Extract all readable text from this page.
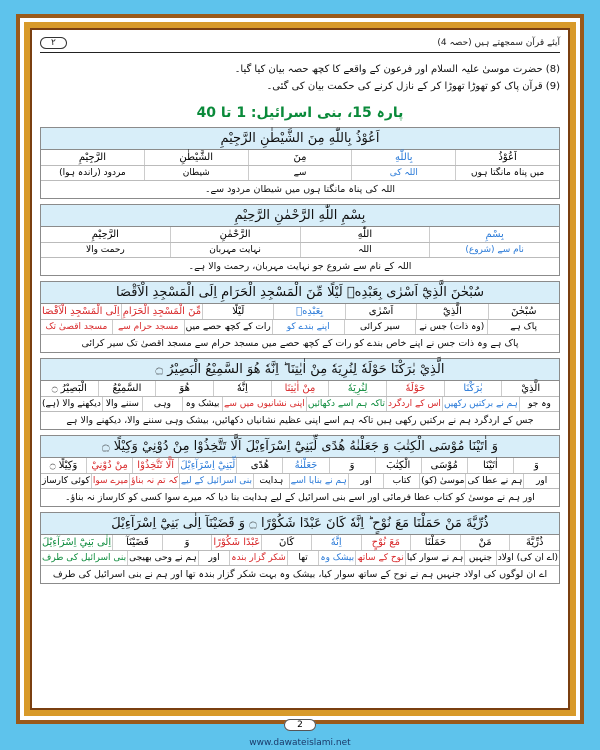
آیئے قرآن سمجھتے ہیں (حصہ 4)
۲

(8) حضرت موسیٰ علیہ السلام اور فرعون کے واقعے کا کچھ حصہ بیان کیا گیا۔

(9) قرآن پاک کو تھوڑا تھوڑا کر کے نازل کرنے کی حکمت بیان کی گئی۔

پارہ 15، بنی اسرائیل: 1 تا 40
اَعُوْذُ بِاللّٰهِ مِنَ الشَّيْطٰنِ الرَّجِيْمِ
اَعُوْذُ
بِاللّٰهِ
مِنَ
الشَّيْطٰنِ
الرَّجِيْمِ
میں پناہ مانگتا ہوں
اللہ کی
سے
شیطان
مردود (راندہ ہوا)
اللہ کی پناہ مانگتا ہوں میں شیطان مردود سے۔
بِسْمِ اللّٰهِ الرَّحْمٰنِ الرَّحِيْمِ
بِسْمِ
اللّٰهِ
الرَّحْمٰنِ
الرَّحِيْمِ
نام سے (شروع)
اللہ
نہایت مہربان
رحمت والا
اللہ کے نام سے شروع جو نہایت مہربان، رحمت والا ہے۔
سُبْحٰنَ الَّذِيْٓ اَسْرٰى بِعَبْدِهٖ لَيْلًا مِّنَ الْمَسْجِدِ الْحَرَامِ اِلَى الْمَسْجِدِ الْاَقْصَا
سُبْحٰنَ
الَّذِيْٓ
اَسْرٰى
بِعَبْدِهٖ
لَيْلًا
مِّنَ الْمَسْجِدِ الْحَرَامِ
اِلَى الْمَسْجِدِ الْاَقْصَا
پاک ہے
(وہ ذات) جس نے
سیر کرائی
اپنے بندے کو
رات کے کچھ حصے میں
مسجد حرام سے
مسجد اقصیٰ تک
پاک ہے وہ ذات جس نے اپنے خاص بندے کو رات کے کچھ حصے میں مسجد حرام سے مسجد اقصیٰ تک سیر کرائی
الَّذِيْ بٰرَكْنَا حَوْلَهٗ لِنُرِيَهٗ مِنْ اٰيٰتِنَا ؕ اِنَّهٗ هُوَ السَّمِيْعُ الْبَصِيْرُ ۝
الَّذِيْ
بٰرَكْنَا
حَوْلَهٗ
لِنُرِيَهٗ
مِنْ اٰيٰتِنَا
اِنَّهٗ
هُوَ
السَّمِيْعُ
الْبَصِيْرُ ۝
وہ جو
ہم نے برکتیں رکھیں
اس کے اردگرد
تاکہ ہم اسے دکھائیں
اپنی نشانیوں میں سے
بیشک وہ
وہی
سننے والا
دیکھنے والا (ہے)
جس کے اردگرد ہم نے برکتیں رکھی ہیں تاکہ ہم اسے اپنی عظیم نشانیاں دکھائیں، بیشک وہی سننے والا، دیکھنے والا ہے
وَ اٰتَيْنَا مُوْسَى الْكِتٰبَ وَ جَعَلْنٰهُ هُدًى لِّبَنِيْٓ اِسْرَآءِيْلَ اَلَّا تَتَّخِذُوْا مِنْ دُوْنِيْ وَكِيْلًا ۝
وَ
اٰتَيْنَا
مُوْسَى
الْكِتٰبَ
وَ
جَعَلْنٰهُ
هُدًى
لِّبَنِيْٓ اِسْرَآءِيْلَ
اَلَّا تَتَّخِذُوْا
مِنْ دُوْنِيْ
وَكِيْلًا ۝
اور
ہم نے عطا کی
موسیٰ (کو)
کتاب
اور
ہم نے بنایا اسے
ہدایت
بنی اسرائیل کے لیے
کہ تم نہ بناؤ
میرے سوا
کوئی کارساز
اور ہم نے موسیٰ کو کتاب عطا فرمائی اور اسے بنی اسرائیل کے لیے ہدایت بنا دیا کہ میرے سوا کسی کو کارساز نہ بناؤ۔
ذُرِّيَّةَ مَنْ حَمَلْنَا مَعَ نُوْحٍ ؕ اِنَّهٗ كَانَ عَبْدًا شَكُوْرًا ۝ وَ قَضَيْنَآ اِلٰى بَنِيْٓ اِسْرَآءِيْلَ
ذُرِّيَّةَ
مَنْ
حَمَلْنَا
مَعَ نُوْحٍ
اِنَّهٗ
كَانَ
عَبْدًا شَكُوْرًا
وَ
قَضَيْنَآ
اِلٰى بَنِيْٓ اِسْرَآءِيْلَ
(اے ان کی) اولاد
جنہیں
ہم نے سوار کیا
نوح کے ساتھ
بیشک وہ
تھا
شکر گزار بندہ
اور
ہم نے وحی بھیجی
بنی اسرائیل کی طرف
اے ان لوگوں کی اولاد جنہیں ہم نے نوح کے ساتھ سوار کیا، بیشک وہ بہت شکر گزار بندہ تھا اور ہم نے بنی اسرائیل کی طرف
2
www.dawateislami.net
